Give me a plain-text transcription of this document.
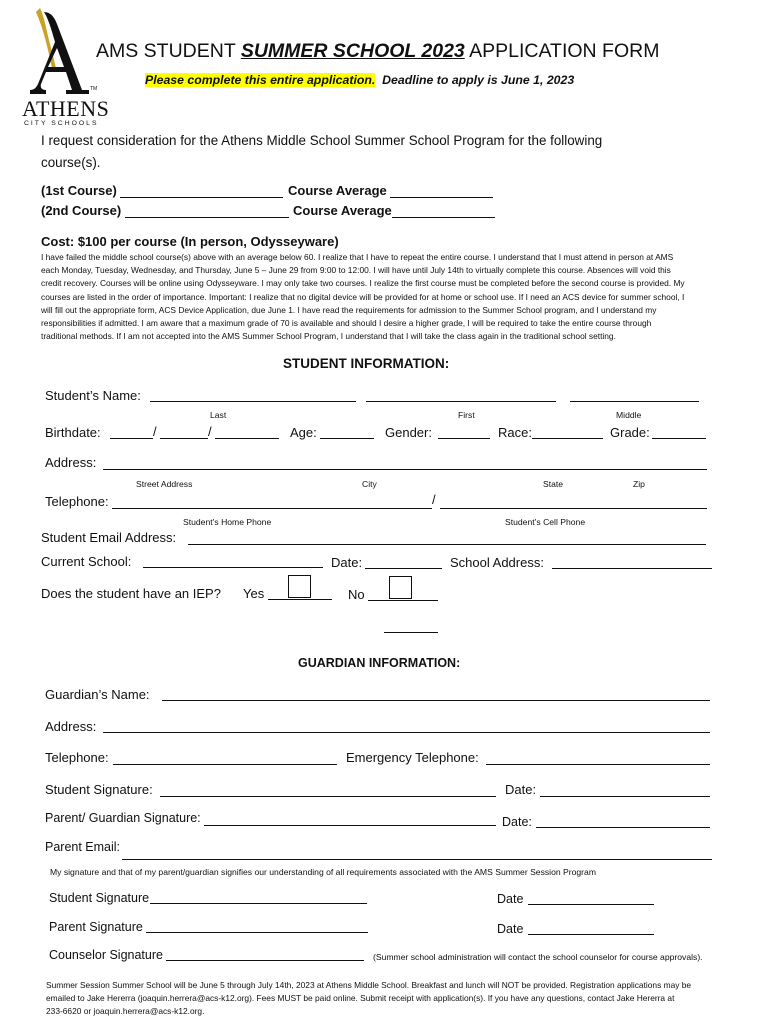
TM
ATHENS
CITY SCHOOLS
AMS STUDENT SUMMER SCHOOL 2023 APPLICATION FORM
Please complete this entire application.  Deadline to apply is June 1, 2023
I request consideration for the Athens Middle School Summer School Program for the following
course(s).
(1st Course)	Course Average
(2nd Course)	Course Average
Cost: $100 per course (In person, Odysseyware)
I have failed the middle school course(s) above with an average below 60. I realize that I have to repeat the entire course. I understand that I must attend in person at AMS
each Monday, Tuesday, Wednesday, and Thursday, June 5 – June 29 from 9:00 to 12:00. I will have until July 14th to virtually complete this course. Absences will void this
credit recovery. Courses will be online using Odysseyware. I may only take two courses. I realize the first course must be completed before the second course is provided. My
courses are listed in the order of importance. Important: I realize that no digital device will be provided for at home or school use. If I need an ACS device for summer school, I
will fill out the appropriate form, ACS Device Application, due June 1. I have read the requirements for admission to the Summer School program, and I understand my
responsibilities if admitted. I am aware that a maximum grade of 70 is available and should I desire a higher grade, I will be required to take the entire course through
traditional methods. If I am not accepted into the AMS Summer School Program, I understand that I will take the class again in the traditional school setting.
STUDENT INFORMATION:
Student’s Name:
Last	First	Middle
Birthdate:	/	/	Age:	Gender:	Race:	Grade:
Address:
Street Address	City	State	Zip
Telephone:	/
Student’s Home Phone	Student’s Cell Phone
Student Email Address:
Current School:	Date:	School Address:
Does the student have an IEP? Yes	No
GUARDIAN INFORMATION:
Guardian’s Name:
Address:
Telephone:	Emergency Telephone:
Student Signature:	Date:
Parent/ Guardian Signature:	Date:
Parent Email:
My signature and that of my parent/guardian signifies our understanding of all requirements associated with the AMS Summer Session Program
Student Signature	Date
Parent Signature	Date
Counselor Signature	(Summer school administration will contact the school counselor for course approvals).
Summer Session Summer School will be June 5 through July 14th, 2023 at Athens Middle School. Breakfast and lunch will NOT be provided. Registration applications may be
emailed to Jake Hererra (joaquin.herrera@acs-k12.org). Fees MUST be paid online. Submit receipt with application(s). If you have any questions, contact Jake Hererra at
233-6620 or joaquin.herrera@acs-k12.org.
